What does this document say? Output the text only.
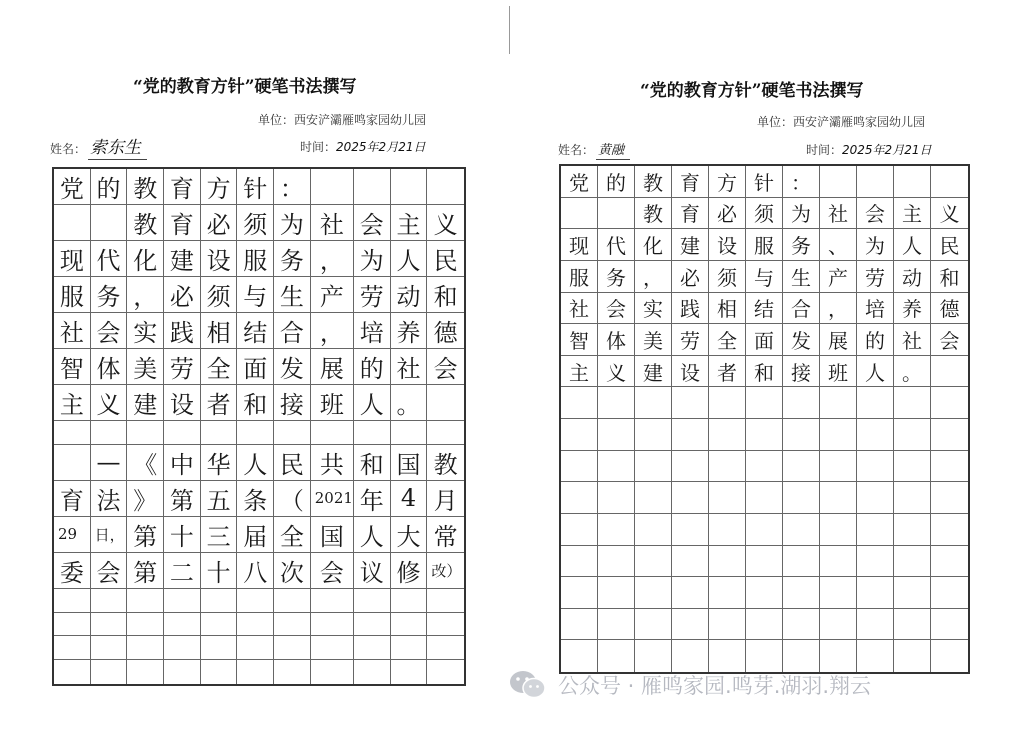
“党的教育方针”硬笔书法撰写
单位：西安浐灞雁鸣家园幼儿园
姓名： 索东生	时间：2025年2月21日
党 的 教 育 方 针 ：
教 育 必 须 为 社 会 主 义
现 代 化 建 设 服 务 ， 为 人 民
服 务 ， 必 须 与 生 产 劳 动 和
社 会 实 践 相 结 合 ， 培 养 德
智 体 美 劳 全 面 发 展 的 社 会
主 义 建 设 者 和 接 班 人 。
— 《 中 华 人 民 共 和 国 教
育 法 》 第 五 条 （ 2021 年 4 月
29	日， 第 十 三 届 全 国 人 大 常
委 会 第 二 十 八 次 会 议 修 改）
“党的教育方针”硬笔书法撰写
单位：西安浐灞雁鸣家园幼儿园
姓名： 黄融	时间：2025年2月21日
党 的 教 育 方 针 ：
教 育 必 须 为 社 会 主 义
现 代 化 建 设 服 务 、 为 人 民
服 务 ， 必 须 与 生 产 劳 动 和
社 会 实 践 相 结 合 ， 培 养 德
智 体 美 劳 全 面 发 展 的 社 会
主 义 建 设 者 和 接 班 人 。
公众号 · 雁鸣家园.鸣芽.湖羽.翔云
